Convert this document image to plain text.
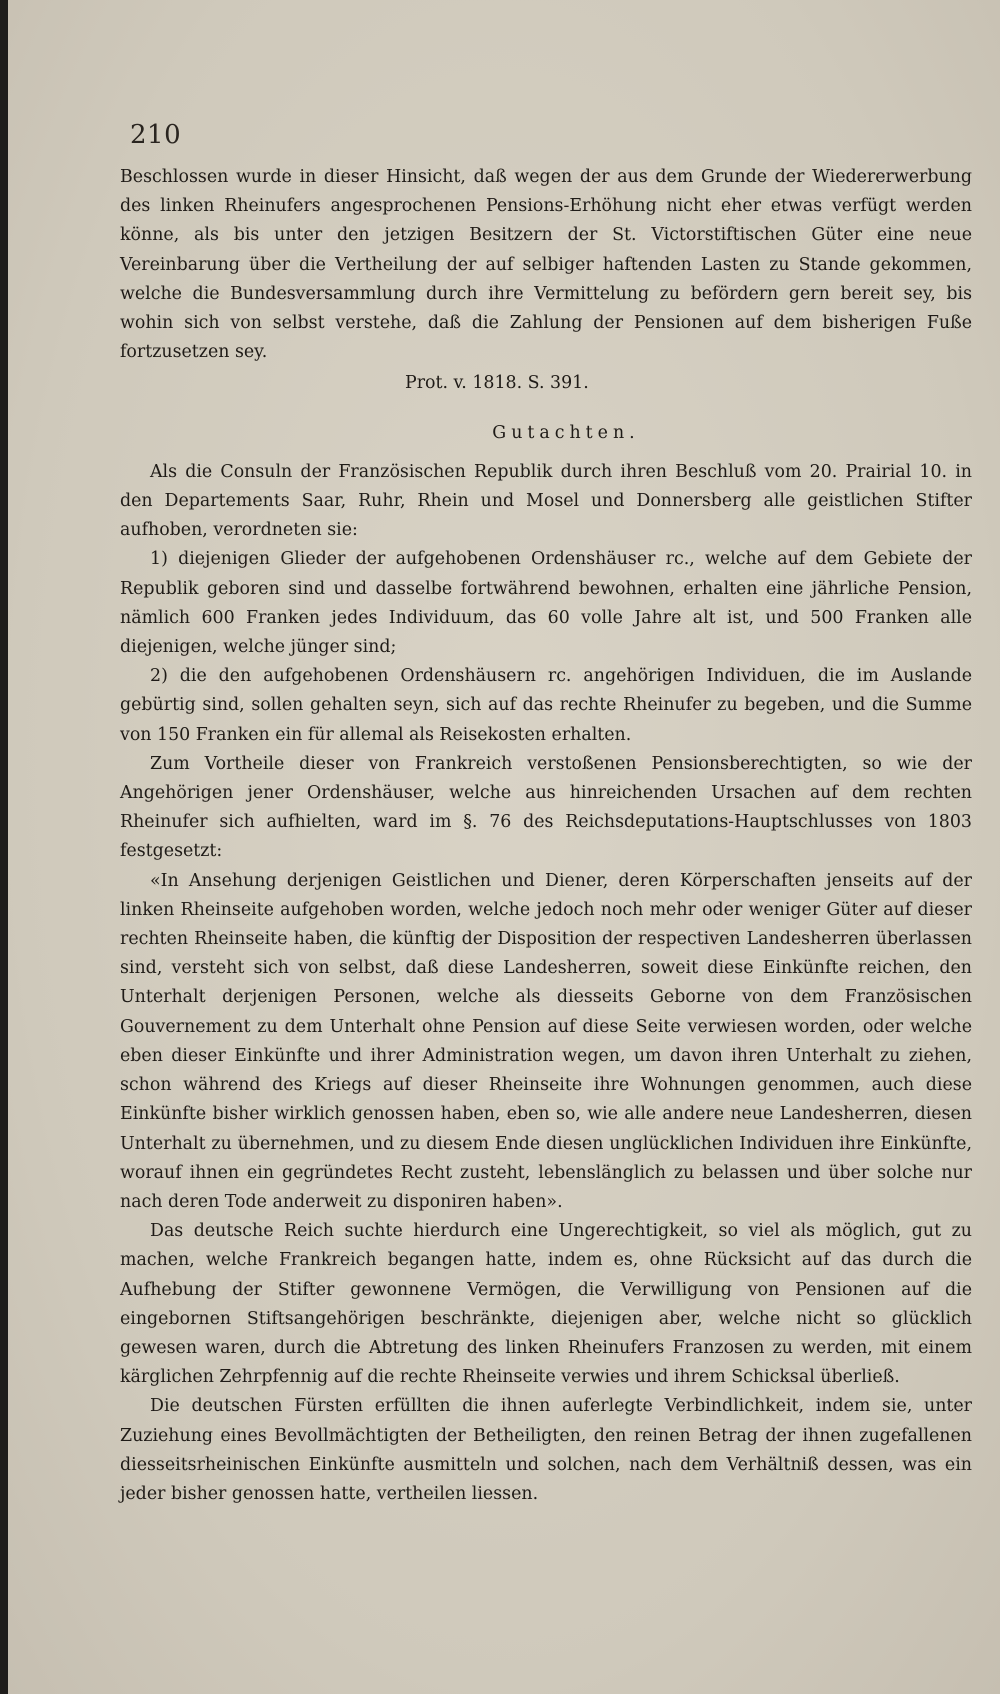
210

Beschlossen wurde in dieser Hinsicht, daß wegen der aus dem Grunde der Wiedererwerbung des linken Rheinufers angesprochenen Pensions-Erhöhung nicht eher etwas verfügt werden könne, als bis unter den jetzigen Besitzern der St. Victorstiftischen Güter eine neue Vereinbarung über die Vertheilung der auf selbiger haftenden Lasten zu Stande gekommen, welche die Bundesversammlung durch ihre Vermittelung zu befördern gern bereit sey, bis wohin sich von selbst verstehe, daß die Zahlung der Pensionen auf dem bisherigen Fuße fortzusetzen sey.

Prot. v. 1818. S. 391.

Gutachten.

Als die Consuln der Französischen Republik durch ihren Beschluß vom 20. Prairial 10. in den Departements Saar, Ruhr, Rhein und Mosel und Donnersberg alle geistlichen Stifter aufhoben, verordneten sie:

1) diejenigen Glieder der aufgehobenen Ordenshäuser rc., welche auf dem Gebiete der Republik geboren sind und dasselbe fortwährend bewohnen, erhalten eine jährliche Pension, nämlich 600 Franken jedes Individuum, das 60 volle Jahre alt ist, und 500 Franken alle diejenigen, welche jünger sind;

2) die den aufgehobenen Ordenshäusern rc. angehörigen Individuen, die im Auslande gebürtig sind, sollen gehalten seyn, sich auf das rechte Rheinufer zu begeben, und die Summe von 150 Franken ein für allemal als Reisekosten erhalten.

Zum Vortheile dieser von Frankreich verstoßenen Pensionsberechtigten, so wie der Angehörigen jener Ordenshäuser, welche aus hinreichenden Ursachen auf dem rechten Rheinufer sich aufhielten, ward im §. 76 des Reichsdeputations-Hauptschlusses von 1803 festgesetzt:

«In Ansehung derjenigen Geistlichen und Diener, deren Körperschaften jenseits auf der linken Rheinseite aufgehoben worden, welche jedoch noch mehr oder weniger Güter auf dieser rechten Rheinseite haben, die künftig der Disposition der respectiven Landesherren überlassen sind, versteht sich von selbst, daß diese Landesherren, soweit diese Einkünfte reichen, den Unterhalt derjenigen Personen, welche als diesseits Geborne von dem Französischen Gouvernement zu dem Unterhalt ohne Pension auf diese Seite verwiesen worden, oder welche eben dieser Einkünfte und ihrer Administration wegen, um davon ihren Unterhalt zu ziehen, schon während des Kriegs auf dieser Rheinseite ihre Wohnungen genommen, auch diese Einkünfte bisher wirklich genossen haben, eben so, wie alle andere neue Landesherren, diesen Unterhalt zu übernehmen, und zu diesem Ende diesen unglücklichen Individuen ihre Einkünfte, worauf ihnen ein gegründetes Recht zusteht, lebenslänglich zu belassen und über solche nur nach deren Tode anderweit zu disponiren haben».

Das deutsche Reich suchte hierdurch eine Ungerechtigkeit, so viel als möglich, gut zu machen, welche Frankreich begangen hatte, indem es, ohne Rücksicht auf das durch die Aufhebung der Stifter gewonnene Vermögen, die Verwilligung von Pensionen auf die eingebornen Stiftsangehörigen beschränkte, diejenigen aber, welche nicht so glücklich gewesen waren, durch die Abtretung des linken Rheinufers Franzosen zu werden, mit einem kärglichen Zehrpfennig auf die rechte Rheinseite verwies und ihrem Schicksal überließ.

Die deutschen Fürsten erfüllten die ihnen auferlegte Verbindlichkeit, indem sie, unter Zuziehung eines Bevollmächtigten der Betheiligten, den reinen Betrag der ihnen zugefallenen diesseitsrheinischen Einkünfte ausmitteln und solchen, nach dem Verhältniß dessen, was ein jeder bisher genossen hatte, vertheilen liessen.
